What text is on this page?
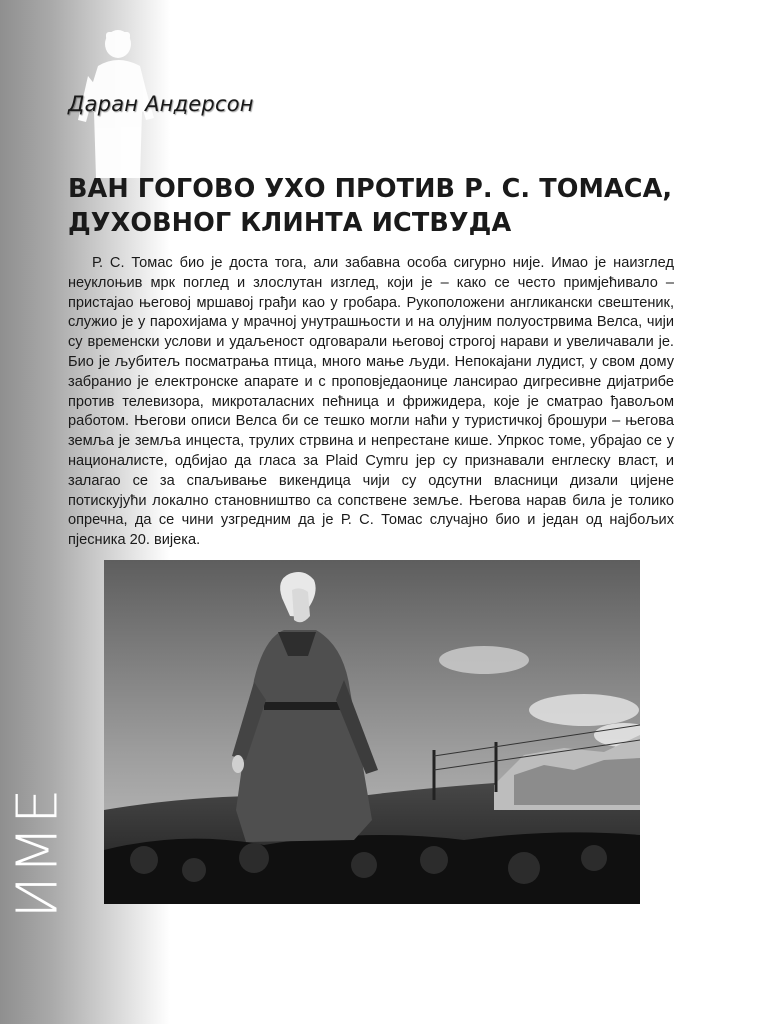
Даран Андерсон
ВАН ГОГОВО УХО ПРОТИВ Р. С. ТОМАСА, ДУХОВНОГ КЛИНТА ИСТВУДА

Р. С. Томас био је доста тога, али забавна особа сигурно није. Имао је наизглед неуклоњив мрк поглед и злослутан изглед, који је – како се често примјећивало – пристајао његовој мршавој грађи као у гробара. Рукоположени англикански свештеник, служио је у парохијама у мрачној унутрашњости и на олујним полуострвима Велса, чији су временски услови и удаљеност одговарали његовој строгој нарави и увеличавали је. Био је љубитељ посматрања птица, много мање људи. Непокајани лудист, у свом дому забранио је електронске апарате и с проповједаонице лансирао дигресивне дијатрибе против телевизора, микроталасних пећница и фрижидера, које је сматрао ђавољом работом. Његови описи Велса би се тешко могли наћи у туристичкој брошури – његова земља је земља инцеста, трулих стрвина и непрестане кише. Упркос томе, убрајао се у националисте, одбијао да гласа за Plaid Cymru јер су признавали енглеску власт, и залагао се за спаљивање викендица чији су одсутни власници дизали цијене потискујући локално становништво са сопствене земље. Његова нарав била је толико опречна, да се чини узгредним да је Р. С. Томас случајно био и један од најбољих пјесника 20. вијека.

ИМЕ
